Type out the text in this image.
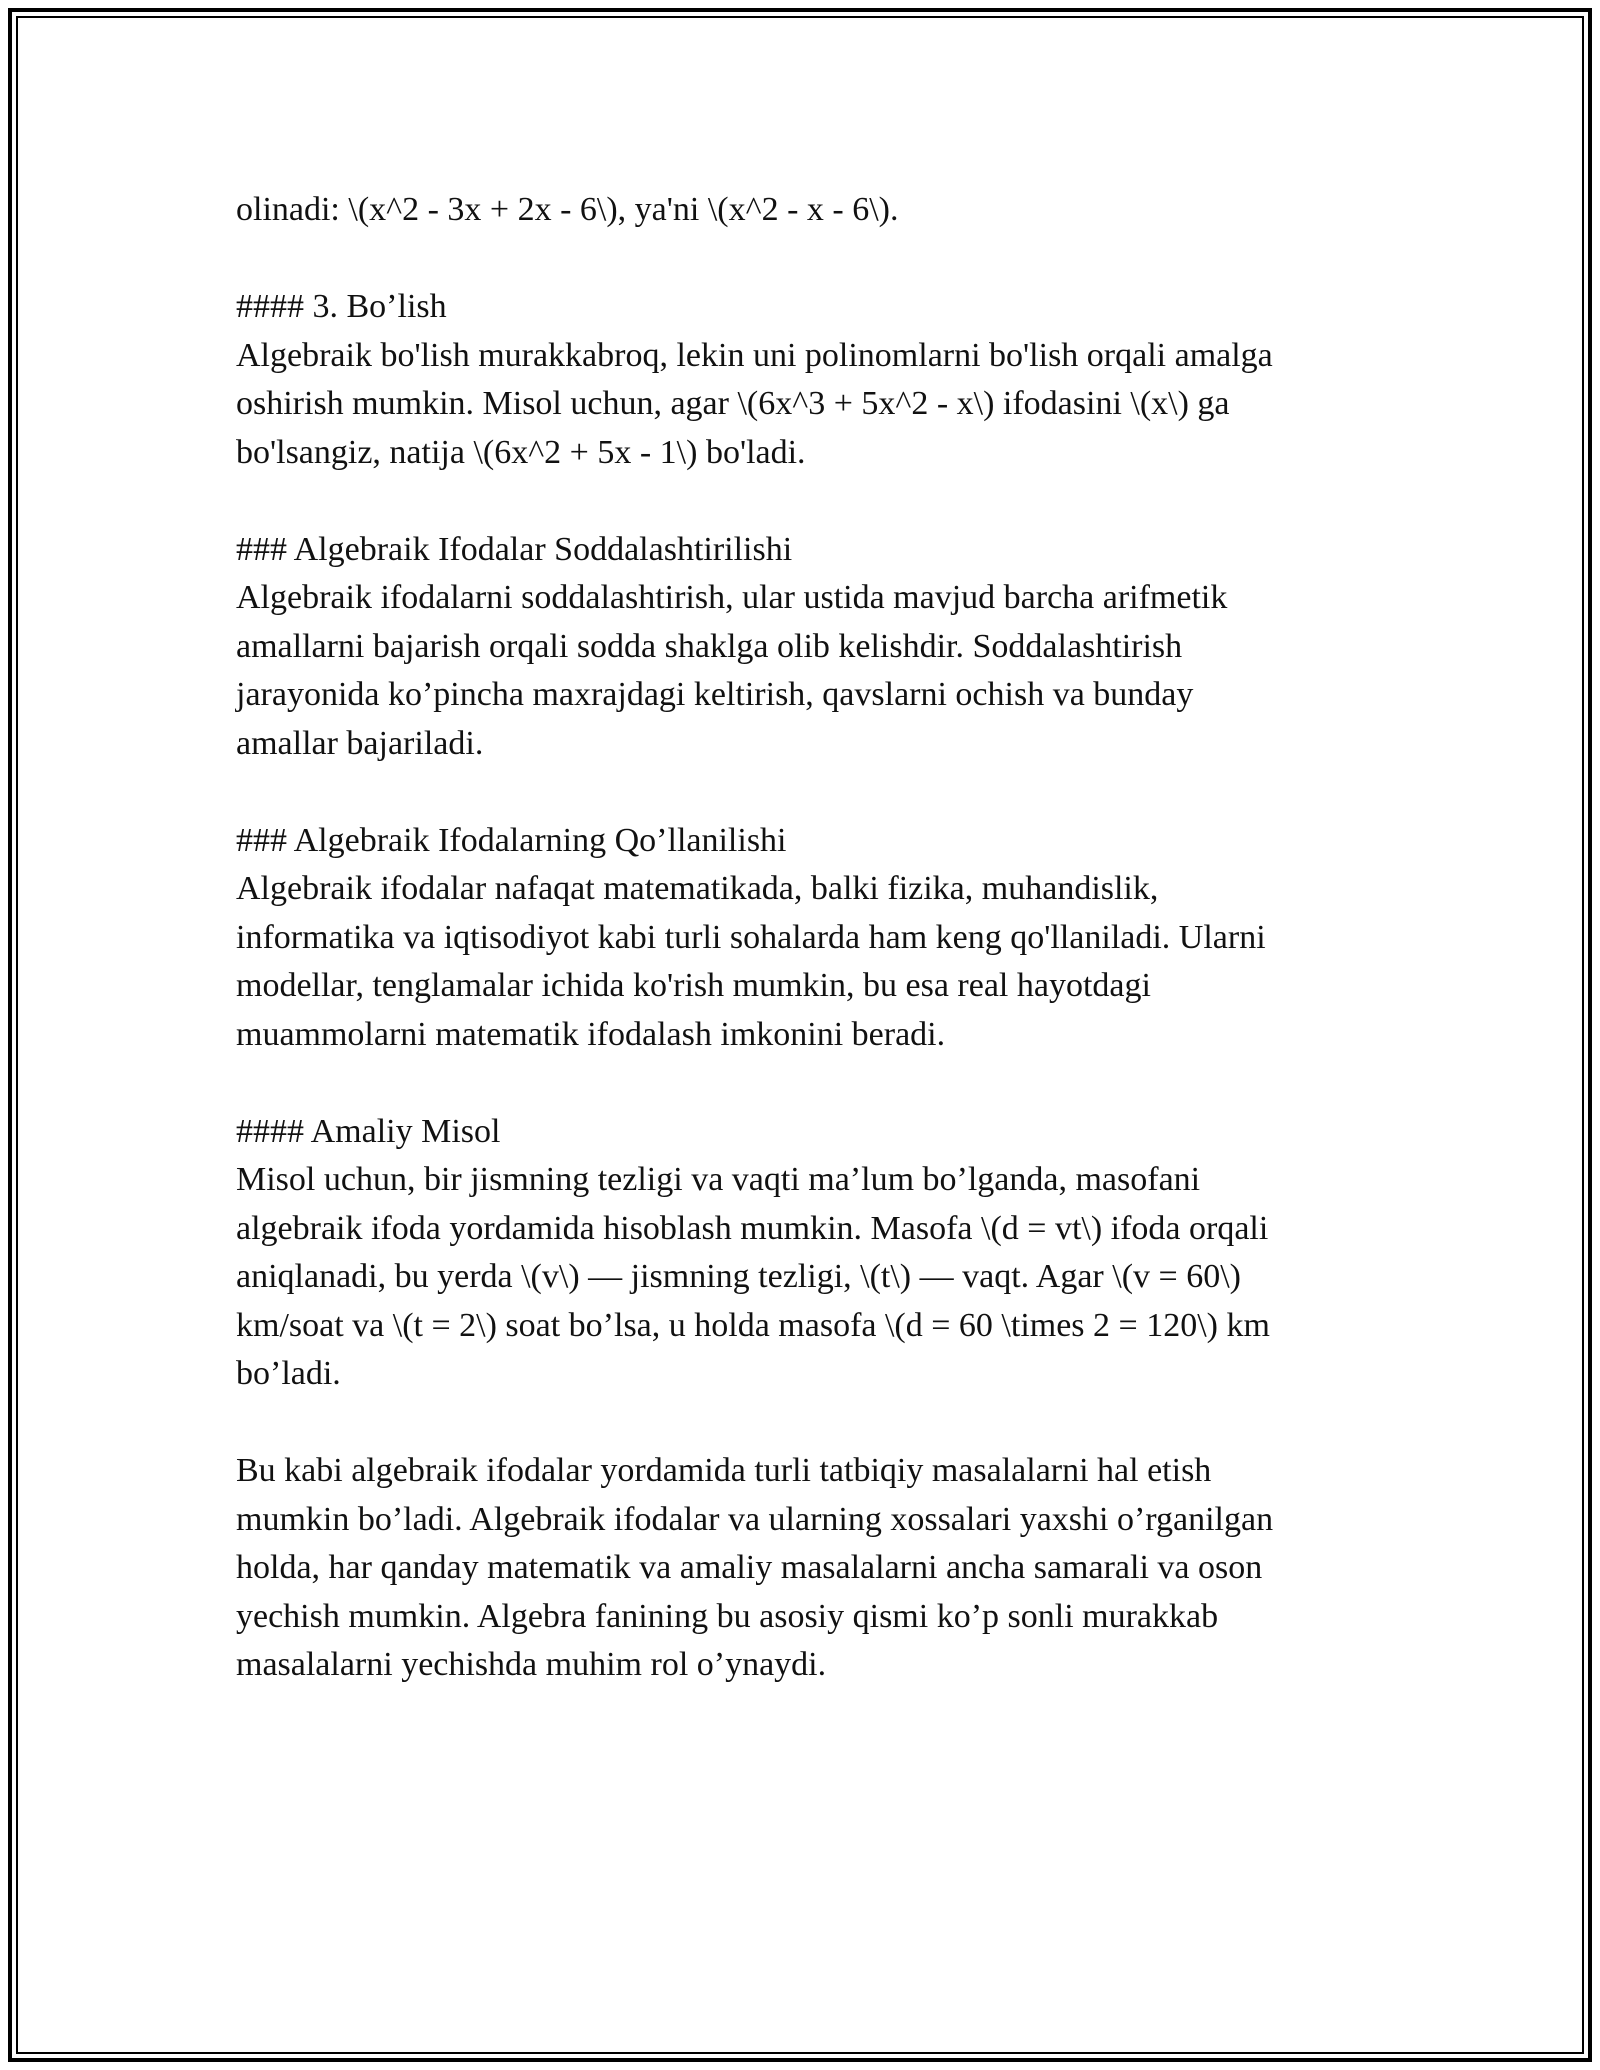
olinadi: \(x^2 - 3x + 2x - 6\), ya'ni \(x^2 - x - 6\).

#### 3. Bo’lish
Algebraik bo'lish murakkabroq, lekin uni polinomlarni bo'lish orqali amalga
oshirish mumkin. Misol uchun, agar \(6x^3 + 5x^2 - x\) ifodasini \(x\) ga
bo'lsangiz, natija \(6x^2 + 5x - 1\) bo'ladi.

### Algebraik Ifodalar Soddalashtirilishi
Algebraik ifodalarni soddalashtirish, ular ustida mavjud barcha arifmetik
amallarni bajarish orqali sodda shaklga olib kelishdir. Soddalashtirish
jarayonida ko’pincha maxrajdagi keltirish, qavslarni ochish va bunday
amallar bajariladi.

### Algebraik Ifodalarning Qo’llanilishi
Algebraik ifodalar nafaqat matematikada, balki fizika, muhandislik,
informatika va iqtisodiyot kabi turli sohalarda ham keng qo'llaniladi. Ularni
modellar, tenglamalar ichida ko'rish mumkin, bu esa real hayotdagi
muammolarni matematik ifodalash imkonini beradi.

#### Amaliy Misol
Misol uchun, bir jismning tezligi va vaqti ma’lum bo’lganda, masofani
algebraik ifoda yordamida hisoblash mumkin. Masofa \(d = vt\) ifoda orqali
aniqlanadi, bu yerda \(v\) — jismning tezligi, \(t\) — vaqt. Agar \(v = 60\)
km/soat va \(t = 2\) soat bo’lsa, u holda masofa \(d = 60 \times 2 = 120\) km
bo’ladi.

Bu kabi algebraik ifodalar yordamida turli tatbiqiy masalalarni hal etish
mumkin bo’ladi. Algebraik ifodalar va ularning xossalari yaxshi o’rganilgan
holda, har qanday matematik va amaliy masalalarni ancha samarali va oson
yechish mumkin. Algebra fanining bu asosiy qismi ko’p sonli murakkab
masalalarni yechishda muhim rol o’ynaydi.
